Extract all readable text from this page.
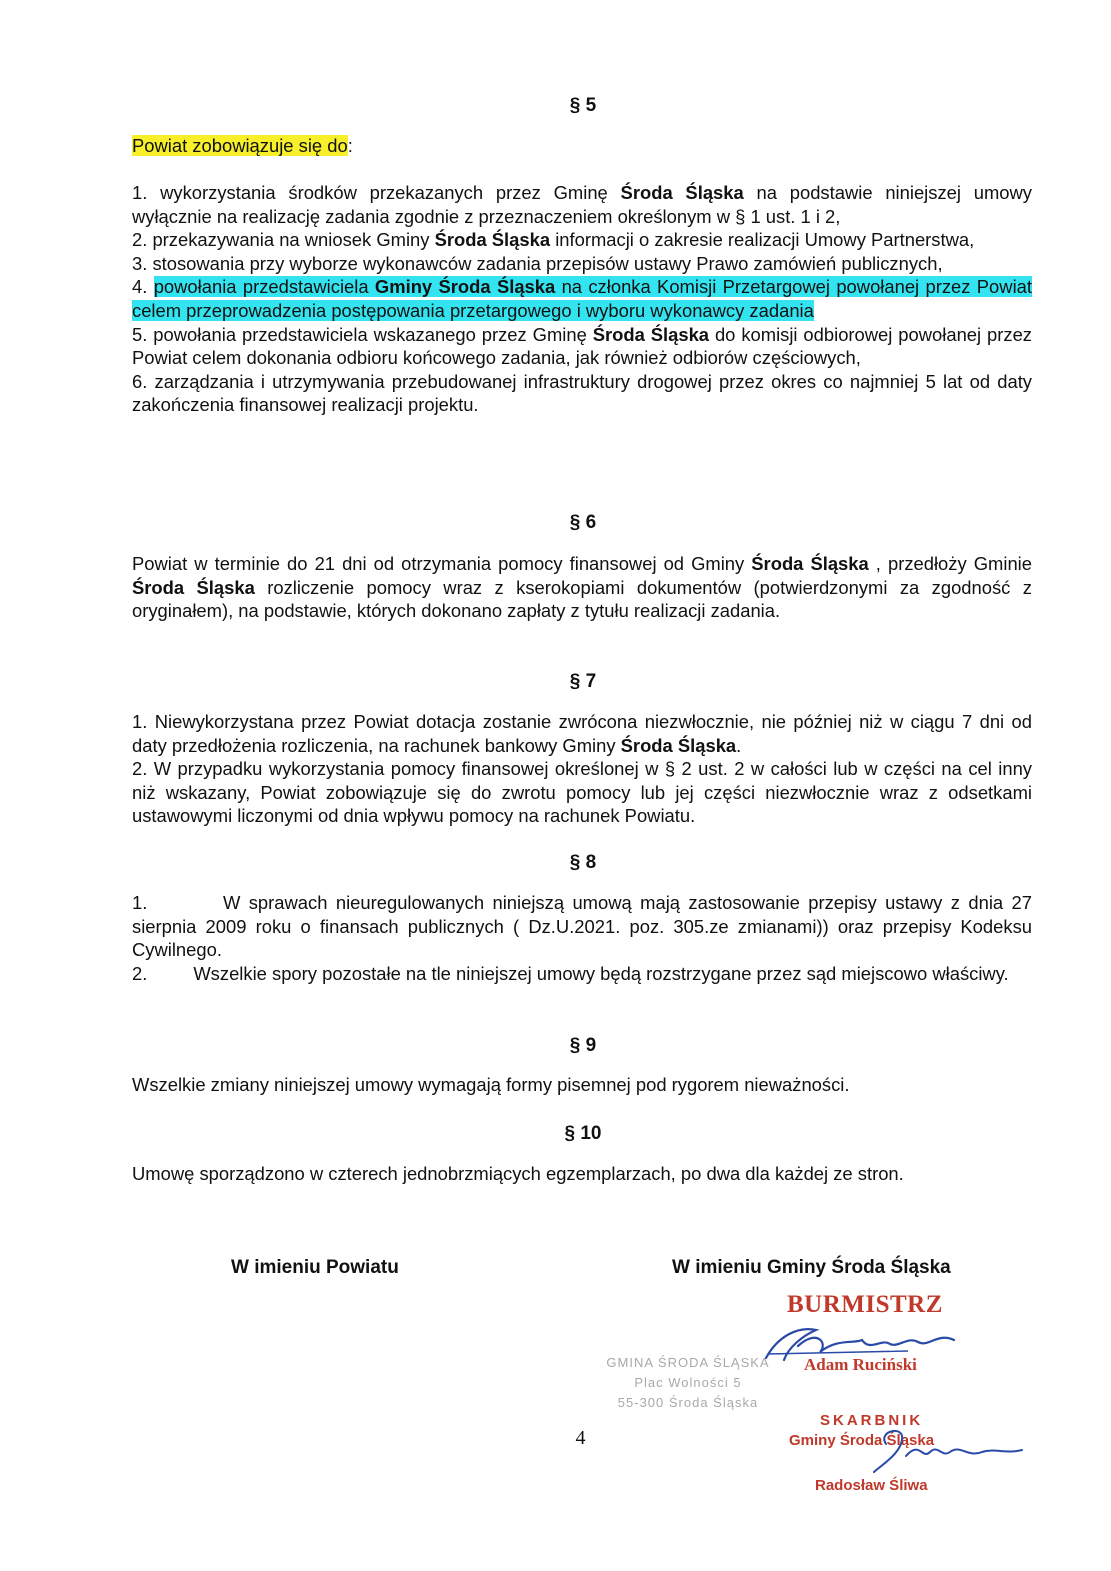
§ 5
Powiat zobowiązuje się do:

1. wykorzystania środków przekazanych przez Gminę Środa Śląska na podstawie niniejszej umowy wyłącznie na realizację zadania zgodnie z przeznaczeniem określonym w § 1 ust. 1 i 2,

2. przekazywania na wniosek Gminy Środa Śląska informacji o zakresie realizacji Umowy Partnerstwa,

3. stosowania przy wyborze wykonawców zadania przepisów ustawy Prawo zamówień publicznych,

4. powołania przedstawiciela Gminy Środa Śląska na członka Komisji Przetargowej powołanej przez Powiat celem przeprowadzenia postępowania przetargowego i wyboru wykonawcy zadania

5. powołania przedstawiciela wskazanego przez Gminę Środa Śląska do komisji odbiorowej powołanej przez Powiat celem dokonania odbioru końcowego zadania, jak również odbiorów częściowych,

6. zarządzania i utrzymywania przebudowanej infrastruktury drogowej przez okres co najmniej 5 lat od daty zakończenia finansowej realizacji projektu.

§ 6

Powiat w terminie do 21 dni od otrzymania pomocy finansowej od Gminy Środa Śląska , przedłoży Gminie Środa Śląska rozliczenie pomocy wraz z kserokopiami dokumentów (potwierdzonymi za zgodność z oryginałem), na podstawie, których dokonano zapłaty z tytułu realizacji zadania.

§ 7

1. Niewykorzystana przez Powiat dotacja zostanie zwrócona niezwłocznie, nie później niż w ciągu 7 dni od daty przedłożenia rozliczenia, na rachunek bankowy Gminy Środa Śląska.

2. W przypadku wykorzystania pomocy finansowej określonej w § 2 ust. 2 w całości lub w części na cel inny niż wskazany, Powiat zobowiązuje się do zwrotu pomocy lub jej części niezwłocznie wraz z odsetkami ustawowymi liczonymi od dnia wpływu pomocy na rachunek Powiatu.

§ 8

1.         W sprawach nieuregulowanych niniejszą umową mają zastosowanie przepisy ustawy z dnia 27 sierpnia 2009 roku o finansach publicznych ( Dz.U.2021. poz. 305.ze zmianami)) oraz przepisy Kodeksu Cywilnego.

2.         Wszelkie spory pozostałe na tle niniejszej umowy będą rozstrzygane przez sąd miejscowo właściwy.

§ 9
Wszelkie zmiany niniejszej umowy wymagają formy pisemnej pod rygorem nieważności.
§ 10
Umowę sporządzono w czterech jednobrzmiących egzemplarzach, po dwa dla każdej ze stron.
W imieniu Powiatu	W imieniu Gminy Środa Śląska
BURMISTRZ
Adam Ruciński
GMINA ŚRODA ŚLĄSKA
Plac Wolności 5
55-300 Środa Śląska
SKARBNIK
Gminy Środa Śląska
4
Radosław Śliwa
